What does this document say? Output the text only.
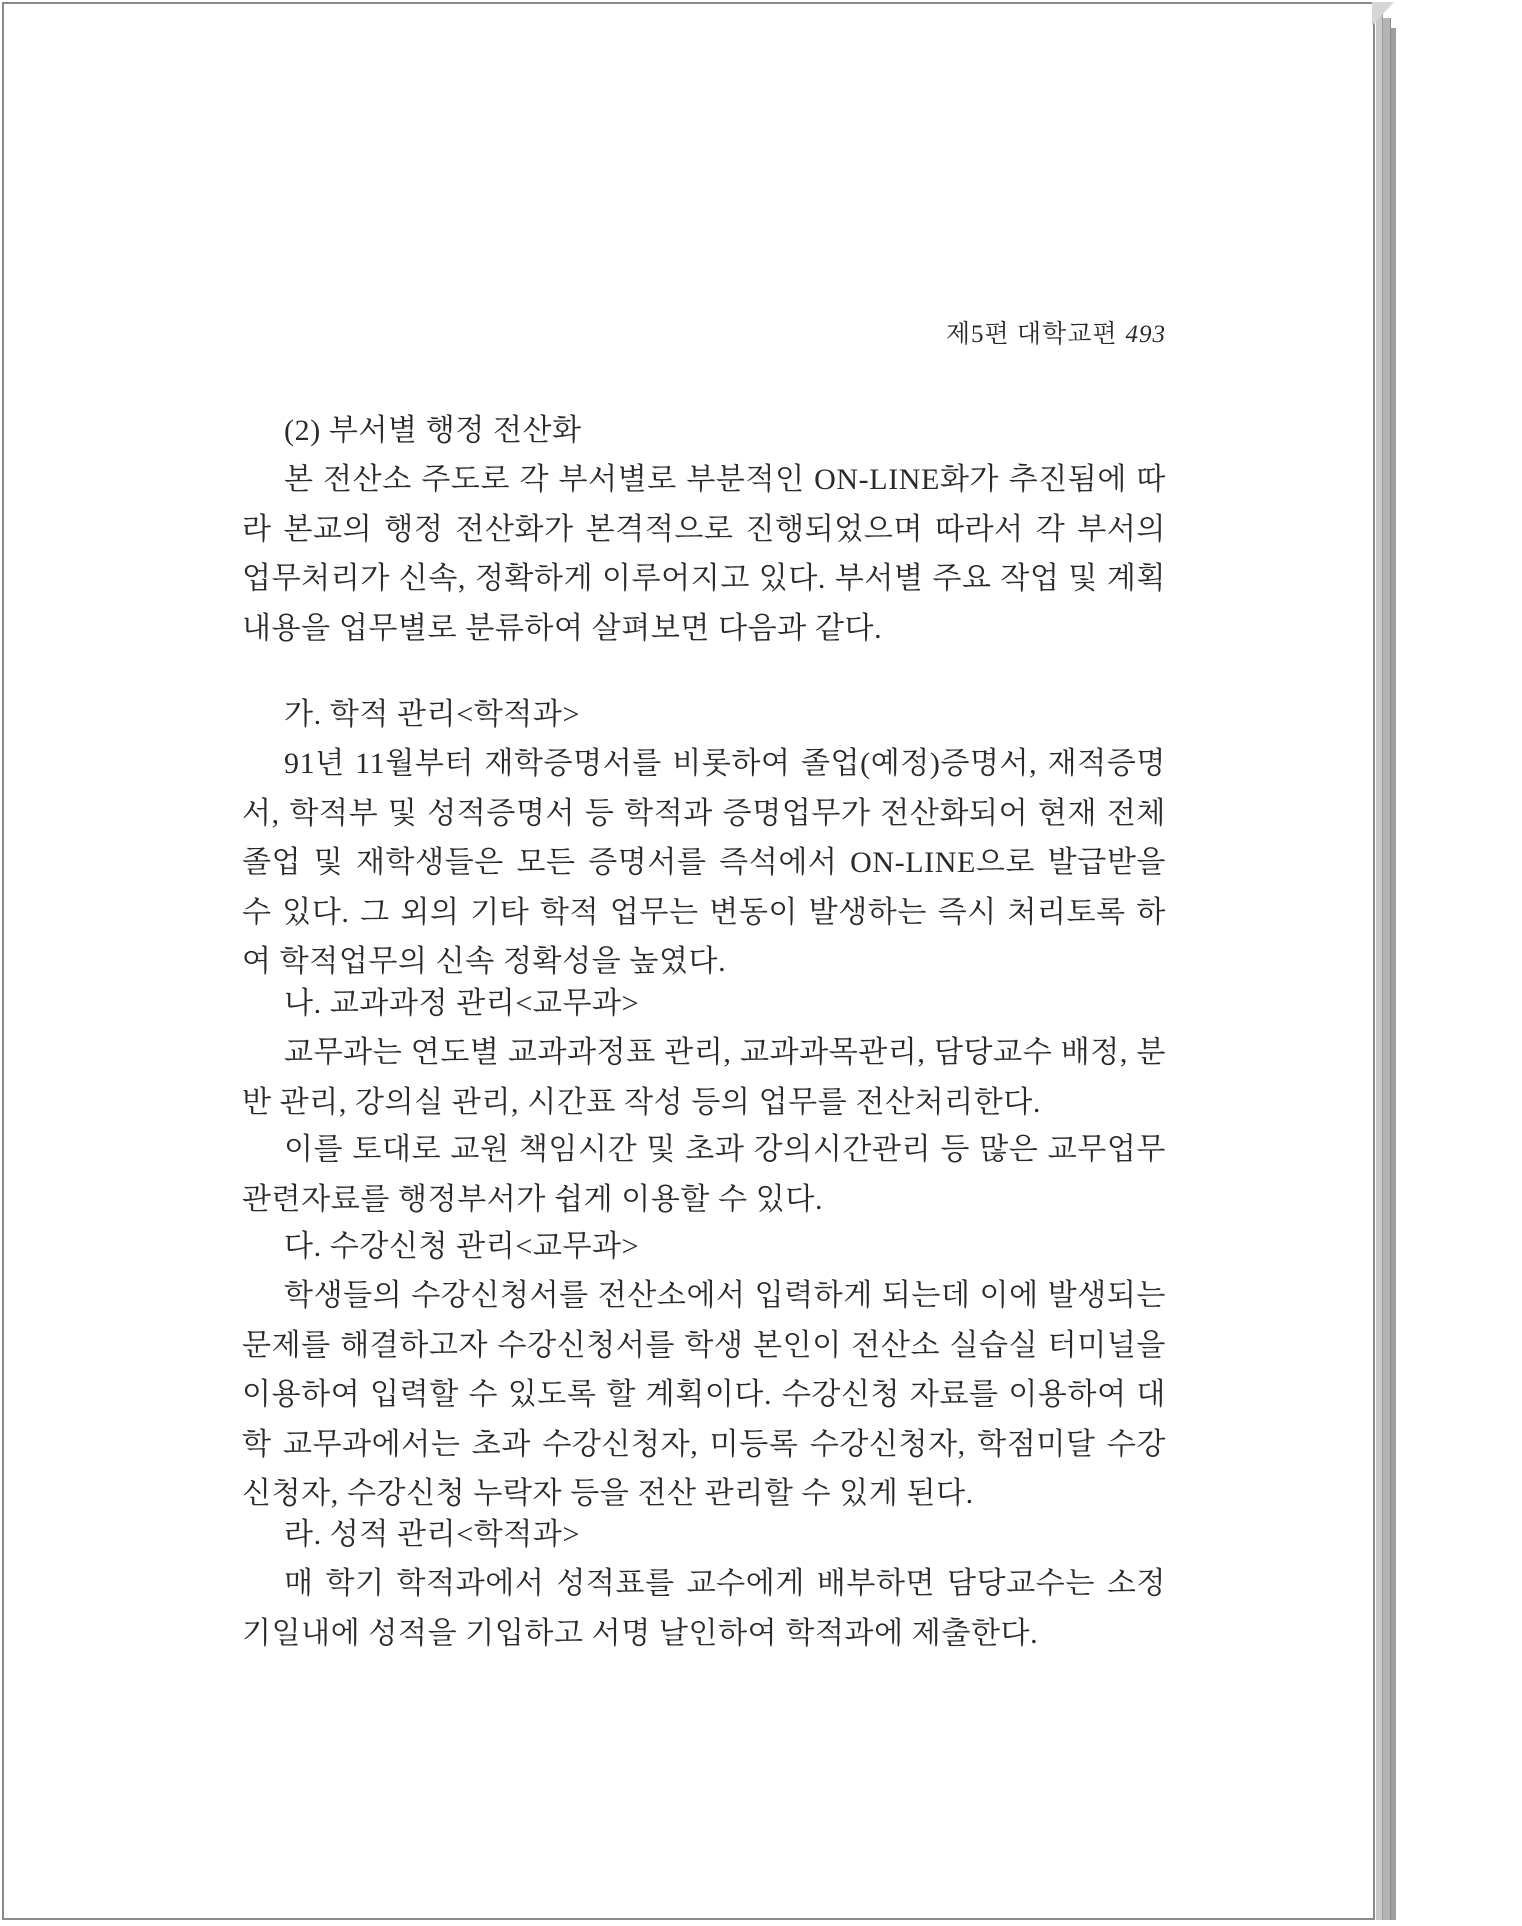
제5편 대학교편 493

(2) 부서별 행정 전산화

본 전산소 주도로 각 부서별로 부분적인 ON-LINE화가 추진됨에 따라 본교의 행정 전산화가 본격적으로 진행되었으며 따라서 각 부서의 업무처리가 신속, 정확하게 이루어지고 있다. 부서별 주요 작업 및 계획 내용을 업무별로 분류하여 살펴보면 다음과 같다.

가. 학적 관리<학적과>

91년 11월부터 재학증명서를 비롯하여 졸업(예정)증명서, 재적증명서, 학적부 및 성적증명서 등 학적과 증명업무가 전산화되어 현재 전체 졸업 및 재학생들은 모든 증명서를 즉석에서 ON-LINE으로 발급받을 수 있다. 그 외의 기타 학적 업무는 변동이 발생하는 즉시 처리토록 하여 학적업무의 신속 정확성을 높였다.

나. 교과과정 관리<교무과>

교무과는 연도별 교과과정표 관리, 교과과목관리, 담당교수 배정, 분반 관리, 강의실 관리, 시간표 작성 등의 업무를 전산처리한다.

이를 토대로 교원 책임시간 및 초과 강의시간관리 등 많은 교무업무 관련자료를 행정부서가 쉽게 이용할 수 있다.

다. 수강신청 관리<교무과>

학생들의 수강신청서를 전산소에서 입력하게 되는데 이에 발생되는 문제를 해결하고자 수강신청서를 학생 본인이 전산소 실습실 터미널을 이용하여 입력할 수 있도록 할 계획이다. 수강신청 자료를 이용하여 대학 교무과에서는 초과 수강신청자, 미등록 수강신청자, 학점미달 수강신청자, 수강신청 누락자 등을 전산 관리할 수 있게 된다.

라. 성적 관리<학적과>

매 학기 학적과에서 성적표를 교수에게 배부하면 담당교수는 소정 기일내에 성적을 기입하고 서명 날인하여 학적과에 제출한다.
